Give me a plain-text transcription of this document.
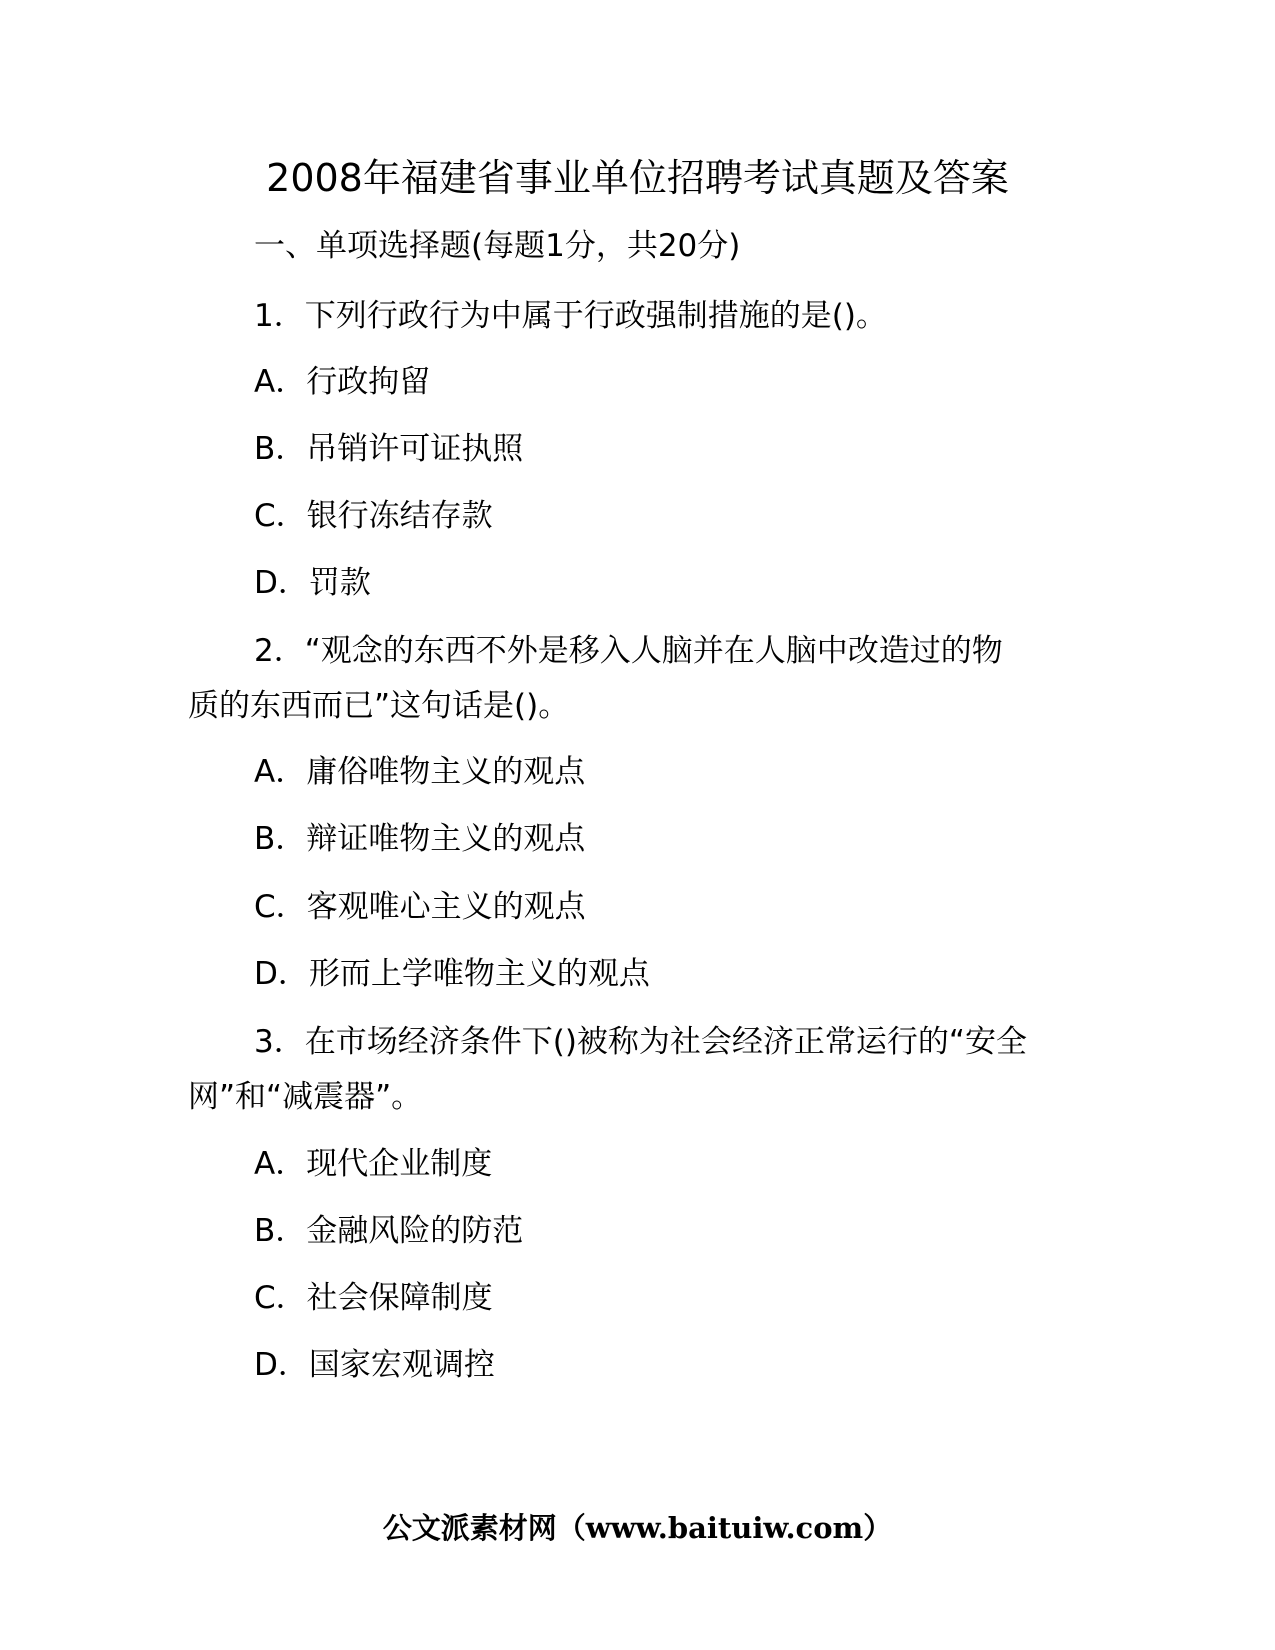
2008年福建省事业单位招聘考试真题及答案
一、单项选择题(每题1分，共20分)
1．下列行政行为中属于行政强制措施的是()。
A．行政拘留
B．吊销许可证执照
C．银行冻结存款
D．罚款
2．“观念的东西不外是移入人脑并在人脑中改造过的物
质的东西而已”这句话是()。
A．庸俗唯物主义的观点
B．辩证唯物主义的观点
C．客观唯心主义的观点
D．形而上学唯物主义的观点
3．在市场经济条件下()被称为社会经济正常运行的“安全
网”和“减震器”。
A．现代企业制度
B．金融风险的防范
C．社会保障制度
D．国家宏观调控
公文派素材网（www.baituiw.com）
